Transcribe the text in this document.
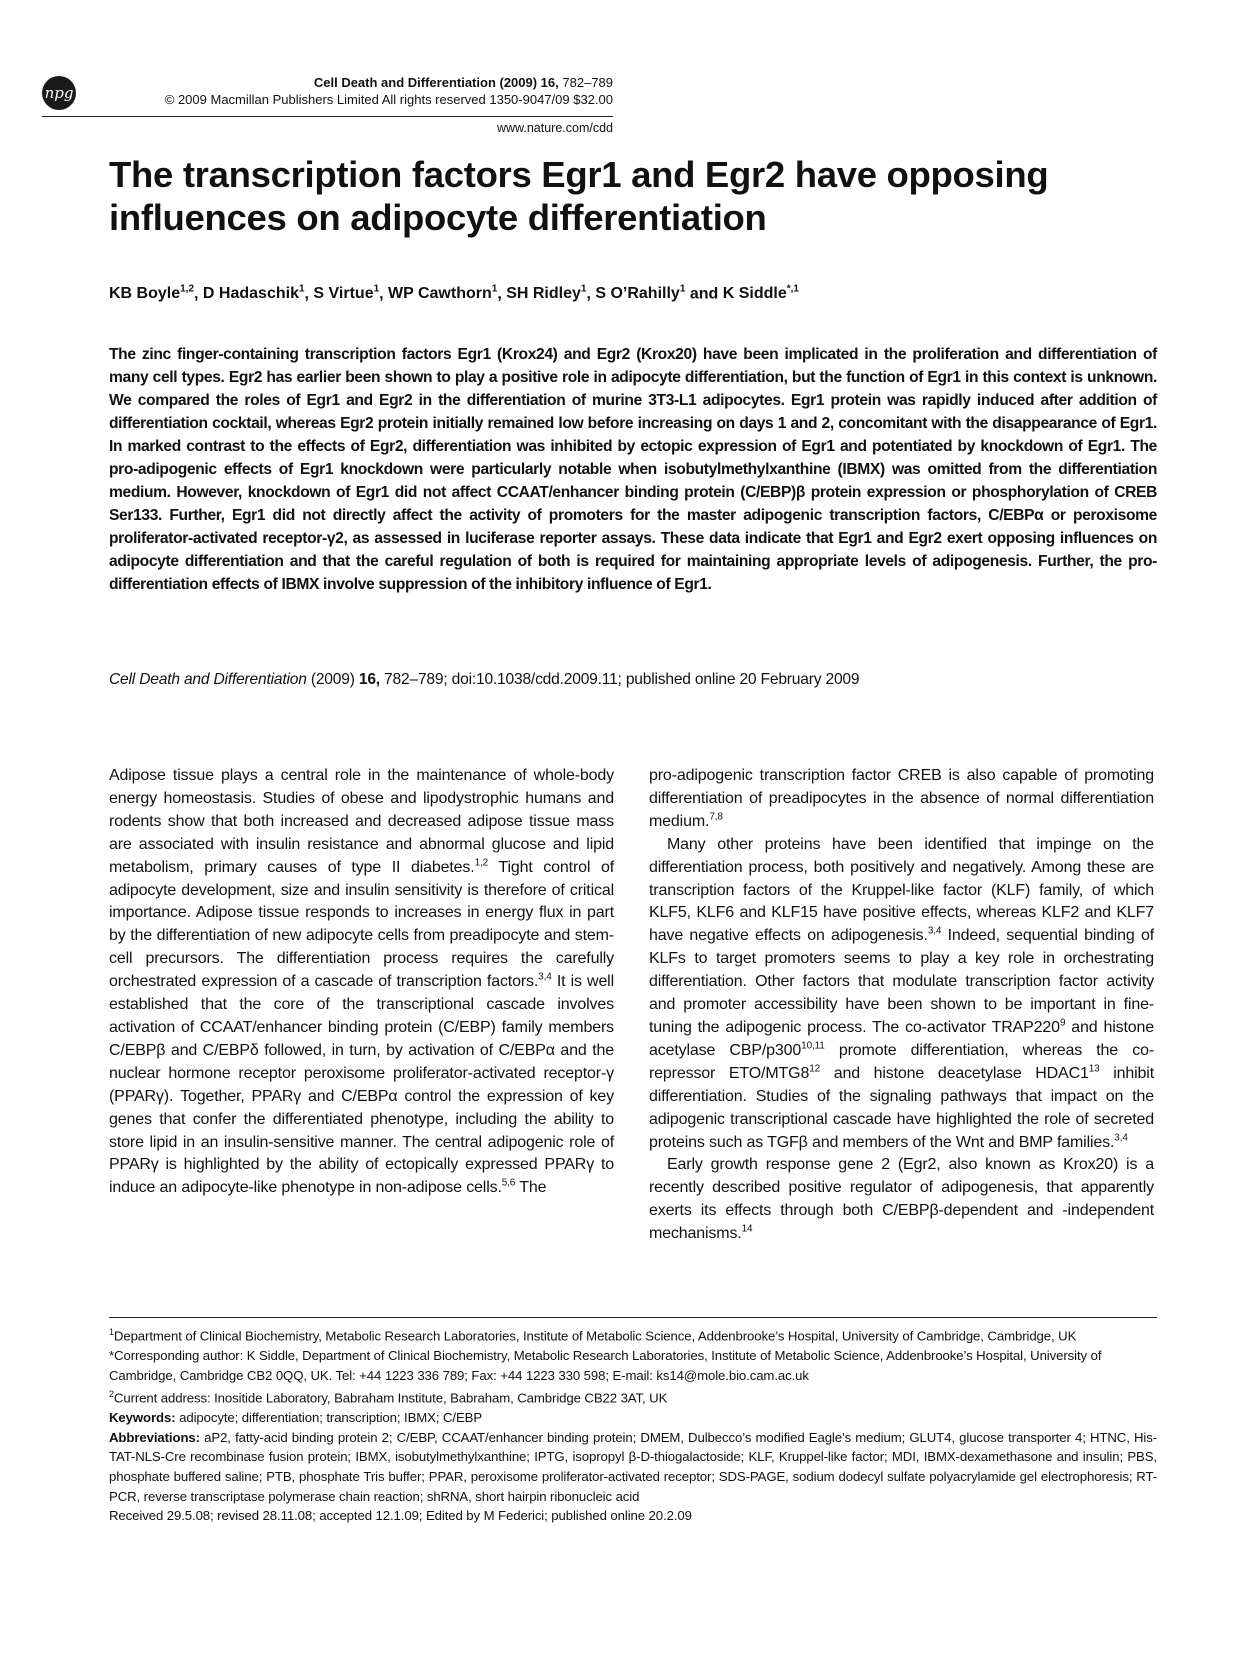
npg
Cell Death and Differentiation (2009) 16, 782–789
© 2009 Macmillan Publishers Limited All rights reserved 1350-9047/09 $32.00
www.nature.com/cdd
The transcription factors Egr1 and Egr2 have opposing influences on adipocyte differentiation
KB Boyle$^{1,2}$, D Hadaschik$^1$, S Virtue$^1$, WP Cawthorn$^1$, SH Ridley$^1$, S O’Rahilly$^1$ and K Siddle$^{*,1}$
The zinc finger-containing transcription factors Egr1 (Krox24) and Egr2 (Krox20) have been implicated in the proliferation and differentiation of many cell types. Egr2 has earlier been shown to play a positive role in adipocyte differentiation, but the function of Egr1 in this context is unknown. We compared the roles of Egr1 and Egr2 in the differentiation of murine 3T3-L1 adipocytes. Egr1 protein was rapidly induced after addition of differentiation cocktail, whereas Egr2 protein initially remained low before increasing on days 1 and 2, concomitant with the disappearance of Egr1. In marked contrast to the effects of Egr2, differentiation was inhibited by ectopic expression of Egr1 and potentiated by knockdown of Egr1. The pro-adipogenic effects of Egr1 knockdown were particularly notable when isobutylmethylxanthine (IBMX) was omitted from the differentiation medium. However, knockdown of Egr1 did not affect CCAAT/enhancer binding protein (C/EBP)β protein expression or phosphorylation of CREB Ser133. Further, Egr1 did not directly affect the activity of promoters for the master adipogenic transcription factors, C/EBPα or peroxisome proliferator-activated receptor-γ2, as assessed in luciferase reporter assays. These data indicate that Egr1 and Egr2 exert opposing influences on adipocyte differentiation and that the careful regulation of both is required for maintaining appropriate levels of adipogenesis. Further, the pro-differentiation effects of IBMX involve suppression of the inhibitory influence of Egr1.
Cell Death and Differentiation (2009) 16, 782–789; doi:10.1038/cdd.2009.11; published online 20 February 2009

Adipose tissue plays a central role in the maintenance of whole-body energy homeostasis. Studies of obese and lipodystrophic humans and rodents show that both increased and decreased adipose tissue mass are associated with insulin resistance and abnormal glucose and lipid metabolism, primary causes of type II diabetes.$^{1,2}$ Tight control of adipocyte development, size and insulin sensitivity is therefore of critical importance. Adipose tissue responds to increases in energy flux in part by the differentiation of new adipocyte cells from preadipocyte and stem-cell precursors. The differentiation process requires the carefully orchestrated expression of a cascade of transcription factors.$^{3,4}$ It is well established that the core of the transcriptional cascade involves activation of CCAAT/enhancer binding protein (C/EBP) family members C/EBPβ and C/EBPδ followed, in turn, by activation of C/EBPα and the nuclear hormone receptor peroxisome proliferator-activated receptor-γ (PPARγ). Together, PPARγ and C/EBPα control the expression of key genes that confer the differentiated phenotype, including the ability to store lipid in an insulin-sensitive manner. The central adipogenic role of PPARγ is highlighted by the ability of ectopically expressed PPARγ to induce an adipocyte-like phenotype in non-adipose cells.$^{5,6}$ The

pro-adipogenic transcription factor CREB is also capable of promoting differentiation of preadipocytes in the absence of normal differentiation medium.$^{7,8}$

Many other proteins have been identified that impinge on the differentiation process, both positively and negatively. Among these are transcription factors of the Kruppel-like factor (KLF) family, of which KLF5, KLF6 and KLF15 have positive effects, whereas KLF2 and KLF7 have negative effects on adipogenesis.$^{3,4}$ Indeed, sequential binding of KLFs to target promoters seems to play a key role in orchestrating differentiation. Other factors that modulate transcription factor activity and promoter accessibility have been shown to be important in fine-tuning the adipogenic process. The co-activator $TRAP220^9$ and histone acetylase CBP/p300$^{10,11}$ promote differentiation, whereas the co-repressor ETO/$MTG8^{12}$ and histone deacetylase $HDAC1^{13}$ inhibit differentiation. Studies of the signaling pathways that impact on the adipogenic transcriptional cascade have highlighted the role of secreted proteins such as TGFβ and members of the Wnt and BMP families.$^{3,4}$

Early growth response gene 2 (Egr2, also known as Krox20) is a recently described positive regulator of adipogenesis, that apparently exerts its effects through both C/EBPβ-dependent and -independent mechanisms.$^{14}$

$^1$Department of Clinical Biochemistry, Metabolic Research Laboratories, Institute of Metabolic Science, Addenbrooke’s Hospital, University of Cambridge, Cambridge, UK

*Corresponding author: K Siddle, Department of Clinical Biochemistry, Metabolic Research Laboratories, Institute of Metabolic Science, Addenbrooke’s Hospital, University of Cambridge, Cambridge CB2 0QQ, UK. Tel: +44 1223 336 789; Fax: +44 1223 330 598; E-mail: ks14@mole.bio.cam.ac.uk

$^2$Current address: Inositide Laboratory, Babraham Institute, Babraham, Cambridge CB22 3AT, UK

Keywords: adipocyte; differentiation; transcription; IBMX; C/EBP

Abbreviations: aP2, fatty-acid binding protein 2; C/EBP, CCAAT/enhancer binding protein; DMEM, Dulbecco’s modified Eagle’s medium; GLUT4, glucose transporter 4; HTNC, His-TAT-NLS-Cre recombinase fusion protein; IBMX, isobutylmethylxanthine; IPTG, isopropyl β-D-thiogalactoside; KLF, Kruppel-like factor; MDI, IBMX-dexamethasone and insulin; PBS, phosphate buffered saline; PTB, phosphate Tris buffer; PPAR, peroxisome proliferator-activated receptor; SDS-PAGE, sodium dodecyl sulfate polyacrylamide gel electrophoresis; RT-PCR, reverse transcriptase polymerase chain reaction; shRNA, short hairpin ribonucleic acid

Received 29.5.08; revised 28.11.08; accepted 12.1.09; Edited by M Federici; published online 20.2.09
